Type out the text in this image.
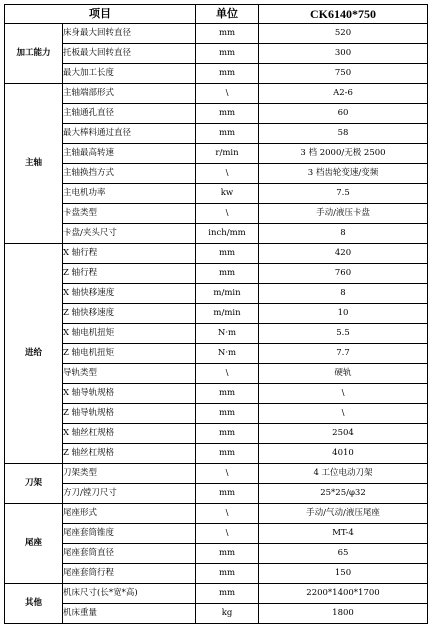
项目		单位	CK6140*750
加工能力	床身最大回转直径	mm	520
	托板最大回转直径	mm	300
	最大加工长度	mm	750
主轴	主轴端部形式	\	A2-6
	主轴通孔直径	mm	60
	最大棒料通过直径	mm	58
	主轴最高转速	r/min	3 档 2000/无极 2500
	主轴换挡方式	\	3 档齿轮变速/变频
	主电机功率	kw	7.5
	卡盘类型	\	手动/液压卡盘
	卡盘/夹头尺寸	inch/mm	8
进给	X 轴行程	mm	420
	Z 轴行程	mm	760
	X 轴快移速度	m/min	8
	Z 轴快移速度	m/min	10
	X 轴电机扭矩	N·m	5.5
	Z 轴电机扭矩	N·m	7.7
	导轨类型	\	硬轨
	X 轴导轨规格	mm	\
	Z 轴导轨规格	mm	\
	X 轴丝杠规格	mm	2504
	Z 轴丝杠规格	mm	4010
刀架	刀架类型	\	4 工位电动刀架
	方刀/镗刀尺寸	mm	25*25/φ32
尾座	尾座形式	\	手动/气动/液压尾座
	尾座套筒锥度	\	MT-4
	尾座套筒直径	mm	65
	尾座套筒行程	mm	150
其他	机床尺寸(长*宽*高)	mm	2200*1400*1700
	机床重量	kg	1800
